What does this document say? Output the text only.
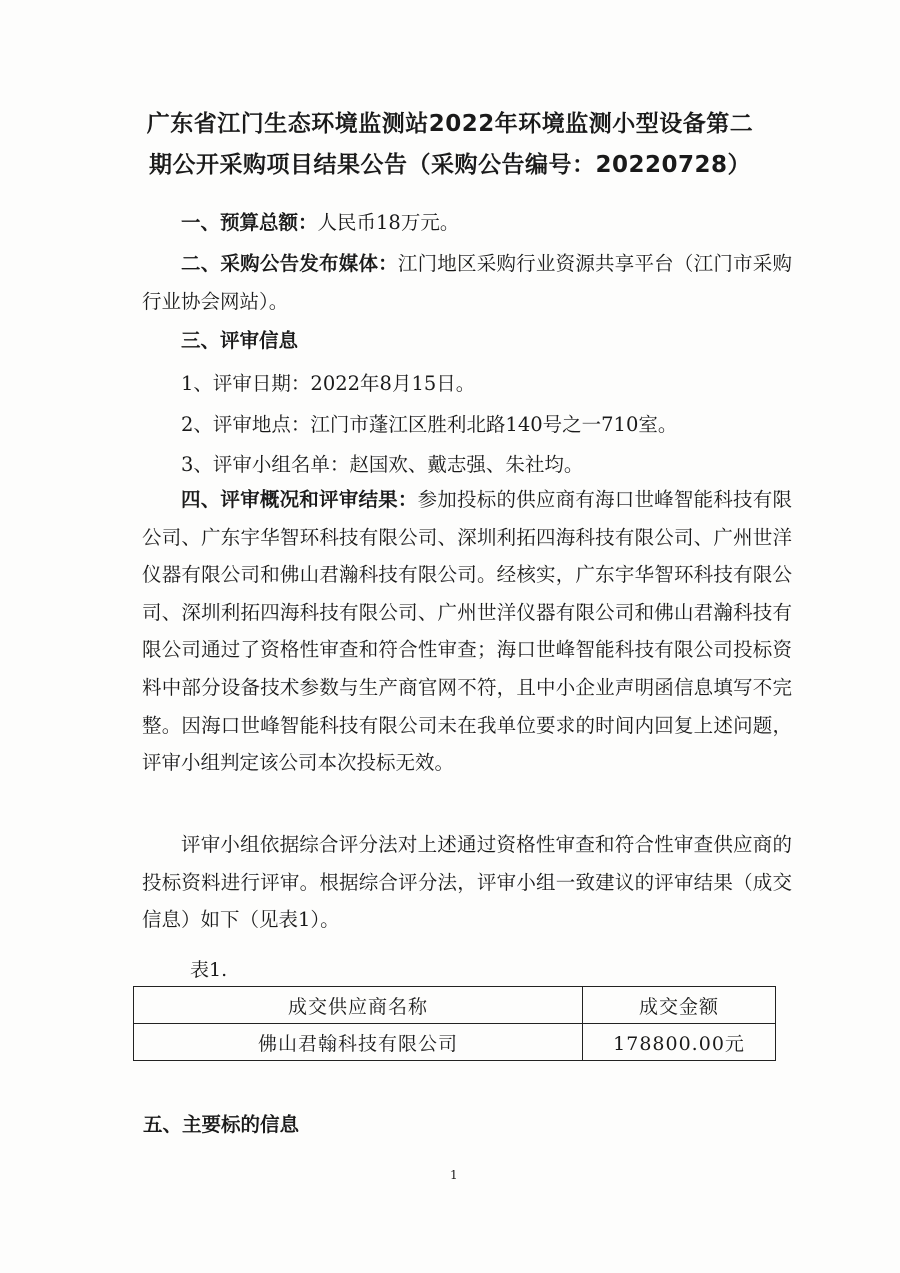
广东省江门生态环境监测站2022年环境监测小型设备第二
期公开采购项目结果公告（采购公告编号：20220728）

一、预算总额：人民币18万元。

二、采购公告发布媒体：江门地区采购行业资源共享平台（江门市采购行业协会网站）。

三、评审信息

1、评审日期：2022年8月15日。

2、评审地点：江门市蓬江区胜利北路140号之一710室。

3、评审小组名单：赵国欢、戴志强、朱社均。

四、评审概况和评审结果：参加投标的供应商有海口世峰智能科技有限公司、广东宇华智环科技有限公司、深圳利拓四海科技有限公司、广州世洋仪器有限公司和佛山君瀚科技有限公司。经核实，广东宇华智环科技有限公司、深圳利拓四海科技有限公司、广州世洋仪器有限公司和佛山君瀚科技有限公司通过了资格性审查和符合性审查；海口世峰智能科技有限公司投标资料中部分设备技术参数与生产商官网不符，且中小企业声明函信息填写不完整。因海口世峰智能科技有限公司未在我单位要求的时间内回复上述问题，评审小组判定该公司本次投标无效。

评审小组依据综合评分法对上述通过资格性审查和符合性审查供应商的投标资料进行评审。根据综合评分法，评审小组一致建议的评审结果（成交信息）如下（见表1）。

表1.
成交供应商名称	成交金额
佛山君翰科技有限公司	178800.00元
五、主要标的信息
1
